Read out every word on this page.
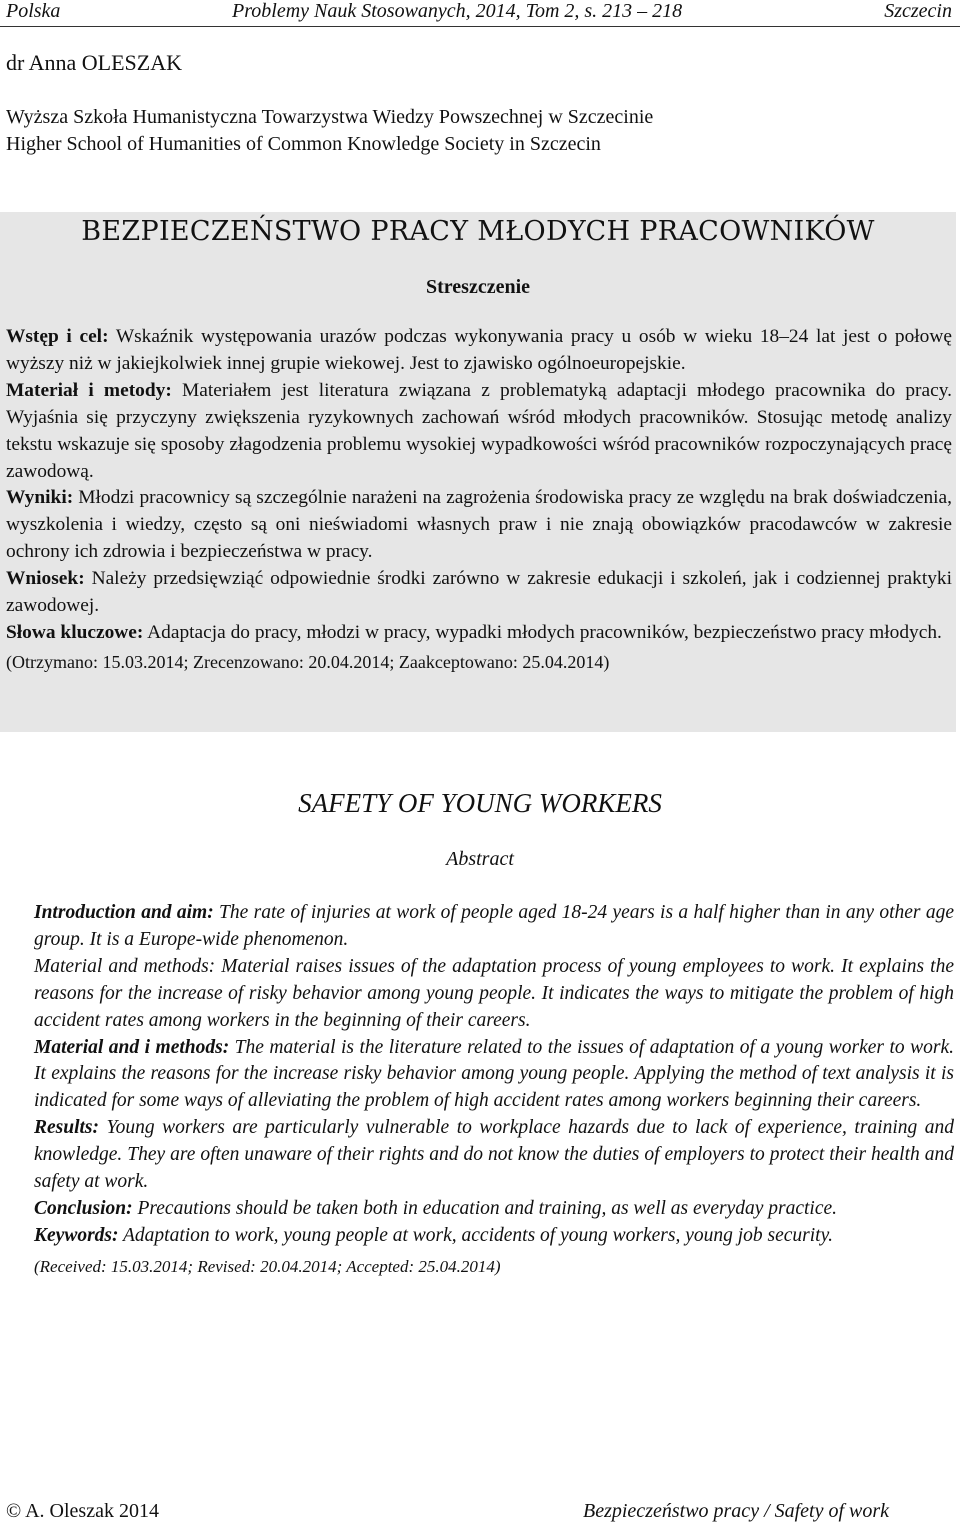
Polska	Problemy Nauk Stosowanych, 2014, Tom 2, s. 213 – 218	Szczecin
dr Anna OLESZAK
Wyższa Szkoła Humanistyczna Towarzystwa Wiedzy Powszechnej w Szczecinie
Higher School of Humanities of Common Knowledge Society in Szczecin
BEZPIECZEŃSTWO PRACY MŁODYCH PRACOWNIKÓW
Streszczenie

Wstęp i cel: Wskaźnik występowania urazów podczas wykonywania pracy u osób w wieku 18–24 lat jest o połowę wyższy niż w jakiejkolwiek innej grupie wiekowej. Jest to zjawisko ogólnoeuropejskie.

Materiał i metody: Materiałem jest literatura związana z problematyką adaptacji młodego pracownika do pracy. Wyjaśnia się przyczyny zwiększenia ryzykownych zachowań wśród młodych pracowników. Stosując metodę analizy tekstu wskazuje się sposoby złagodzenia problemu wysokiej wypadkowości wśród pracowników rozpoczynających pracę zawodową.

Wyniki: Młodzi pracownicy są szczególnie narażeni na zagrożenia środowiska pracy ze względu na brak doświadczenia, wyszkolenia i wiedzy, często są oni nieświadomi własnych praw i nie znają obowiązków pracodawców w zakresie ochrony ich zdrowia i bezpieczeństwa w pracy.

Wniosek: Należy przedsięwziąć odpowiednie środki zarówno w zakresie edukacji i szkoleń, jak i codziennej praktyki zawodowej.

Słowa kluczowe: Adaptacja do pracy, młodzi w pracy, wypadki młodych pracowników, bezpieczeństwo pracy młodych.

(Otrzymano: 15.03.2014; Zrecenzowano: 20.04.2014; Zaakceptowano: 25.04.2014)

SAFETY OF YOUNG WORKERS
Abstract

Introduction and aim: The rate of injuries at work of people aged 18-24 years is a half higher than in any other age group. It is a Europe-wide phenomenon.

Material and methods: Material raises issues of the adaptation process of young employees to work. It explains the reasons for the increase of risky behavior among young people. It indicates the ways to mitigate the problem of high accident rates among workers in the beginning of their careers.

Material and i methods: The material is the literature related to the issues of adaptation of a young worker to work. It explains the reasons for the increase risky behavior among young people. Applying the method of text analysis it is indicated for some ways of alleviating the problem of high accident rates among workers beginning their careers.

Results: Young workers are particularly vulnerable to workplace hazards due to lack of experience, training and knowledge. They are often unaware of their rights and do not know the duties of employers to protect their health and safety at work.

Conclusion: Precautions should be taken both in education and training, as well as everyday practice.

Keywords: Adaptation to work, young people at work, accidents of young workers, young job security.

(Received: 15.03.2014; Revised: 20.04.2014; Accepted: 25.04.2014)

© A. Oleszak 2014	Bezpieczeństwo pracy / Safety of work
